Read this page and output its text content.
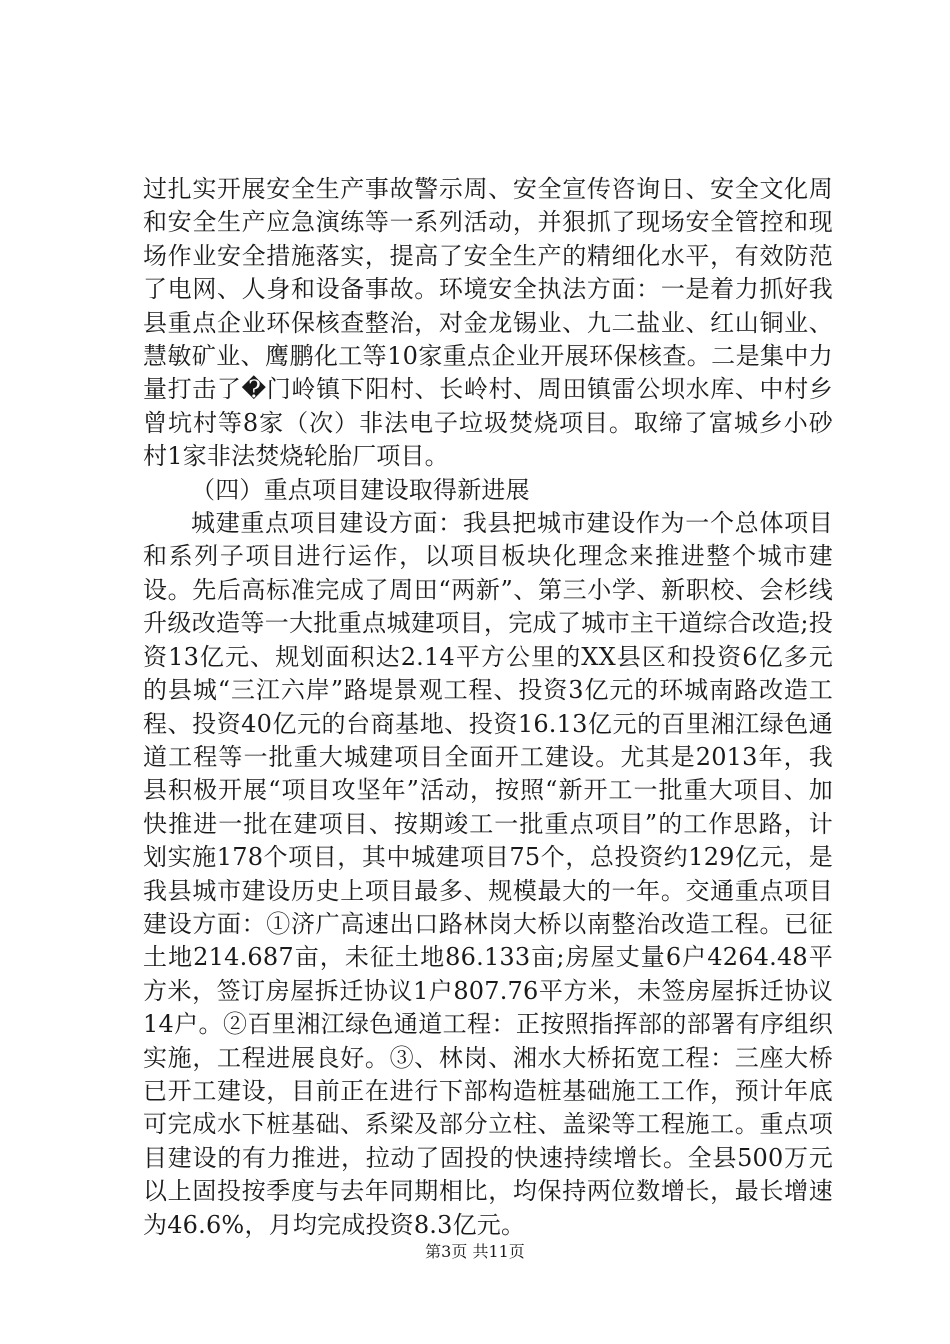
过扎实开展安全生产事故警示周、安全宣传咨询日、安全文化周和安全生产应急演练等一系列活动，并狠抓了现场安全管控和现场作业安全措施落实，提高了安全生产的精细化水平，有效防范了电网、人身和设备事故。环境安全执法方面：一是着力抓好我县重点企业环保核查整治，对金龙锡业、九二盐业、红山铜业、慧敏矿业、鹰鹏化工等10家重点企业开展环保核查。二是集中力量打击了�门岭镇下阳村、长岭村、周田镇雷公坝水库、中村乡曾坑村等8家（次）非法电子垃圾焚烧项目。取缔了富城乡小砂村1家非法焚烧轮胎厂项目。

（四）重点项目建设取得新进展

城建重点项目建设方面：我县把城市建设作为一个总体项目和系列子项目进行运作，以项目板块化理念来推进整个城市建设。先后高标准完成了周田“两新”、第三小学、新职校、会杉线升级改造等一大批重点城建项目，完成了城市主干道综合改造;投资13亿元、规划面积达2.14平方公里的XX县区和投资6亿多元的县城“三江六岸”路堤景观工程、投资3亿元的环城南路改造工程、投资40亿元的台商基地、投资16.13亿元的百里湘江绿色通道工程等一批重大城建项目全面开工建设。尤其是2013年，我县积极开展“项目攻坚年”活动，按照“新开工一批重大项目、加快推进一批在建项目、按期竣工一批重点项目”的工作思路，计划实施178个项目，其中城建项目75个，总投资约129亿元，是我县城市建设历史上项目最多、规模最大的一年。交通重点项目建设方面：①济广高速出口路林岗大桥以南整治改造工程。已征土地214.687亩，未征土地86.133亩;房屋丈量6户4264.48平方米，签订房屋拆迁协议1户807.76平方米，未签房屋拆迁协议14户。②百里湘江绿色通道工程：正按照指挥部的部署有序组织实施，工程进展良好。③、林岗、湘水大桥拓宽工程：三座大桥已开工建设，目前正在进行下部构造桩基础施工工作，预计年底可完成水下桩基础、系梁及部分立柱、盖梁等工程施工。重点项目建设的有力推进，拉动了固投的快速持续增长。全县500万元以上固投按季度与去年同期相比，均保持两位数增长，最长增速为46.6%，月均完成投资8.3亿元。

第3页 共11页
